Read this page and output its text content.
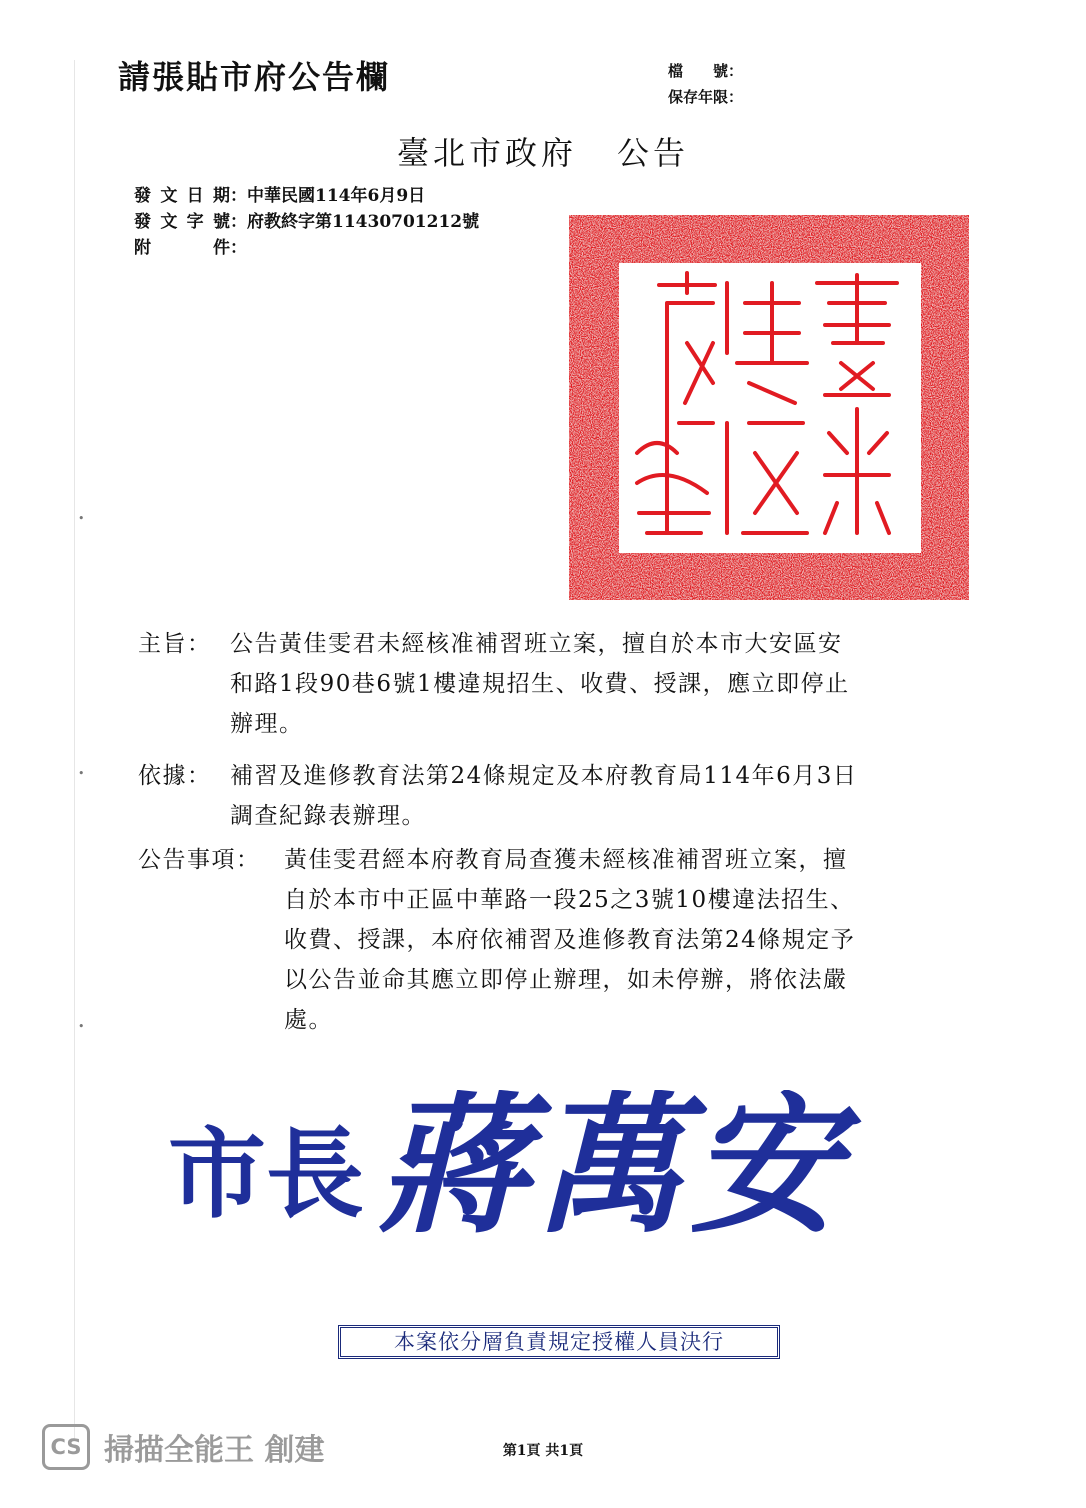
•
•
•
請張貼市府公告欄	檔　　號：
保存年限：
臺北市政府 公告
發文日期：中華民國114年6月9日
發文字號：府教終字第11430701212號
附件：
主旨： 公告黃佳雯君未經核准補習班立案，擅自於本市大安區安
和路1段90巷6號1樓違規招生、收費、授課，應立即停止
辦理。
依據： 補習及進修教育法第24條規定及本府教育局114年6月3日
調查紀錄表辦理。
公告事項： 黃佳雯君經本府教育局查獲未經核准補習班立案，擅
自於本市中正區中華路一段25之3號10樓違法招生、
收費、授課，本府依補習及進修教育法第24條規定予
以公告並命其應立即停止辦理，如未停辦，將依法嚴
處。
市長 蔣萬安
本案依分層負責規定授權人員決行
CS 掃描全能王 創建	第1頁 共1頁
